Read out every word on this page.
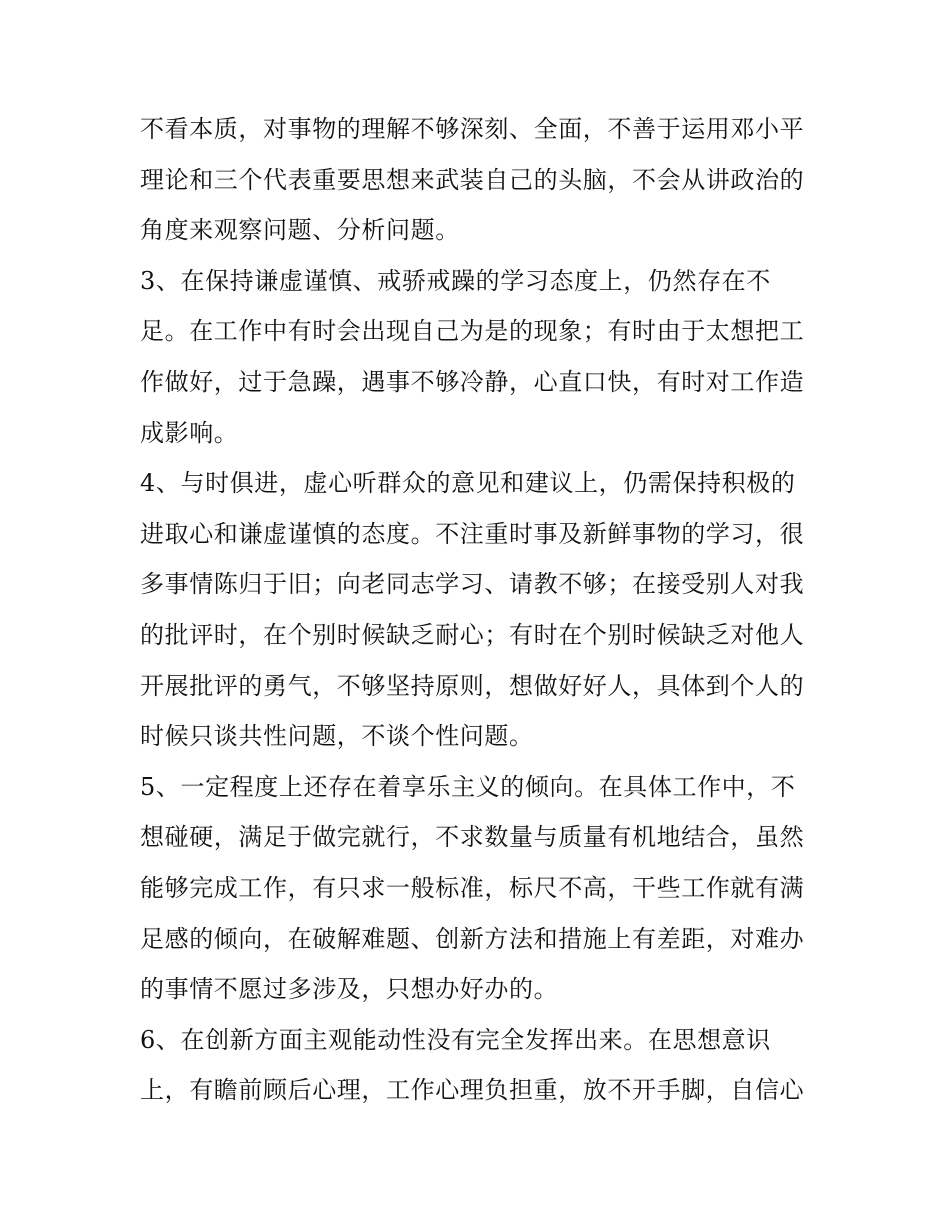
不看本质，对事物的理解不够深刻、全面，不善于运用邓小平
理论和三个代表重要思想来武装自己的头脑，不会从讲政治的
角度来观察问题、分析问题。
3、在保持谦虚谨慎、戒骄戒躁的学习态度上，仍然存在不
足。在工作中有时会出现自己为是的现象；有时由于太想把工
作做好，过于急躁，遇事不够冷静，心直口快，有时对工作造
成影响。
4、与时俱进，虚心听群众的意见和建议上，仍需保持积极的
进取心和谦虚谨慎的态度。不注重时事及新鲜事物的学习，很
多事情陈归于旧；向老同志学习、请教不够；在接受别人对我
的批评时，在个别时候缺乏耐心；有时在个别时候缺乏对他人
开展批评的勇气，不够坚持原则，想做好好人，具体到个人的
时候只谈共性问题，不谈个性问题。
5、一定程度上还存在着享乐主义的倾向。在具体工作中，不
想碰硬，满足于做完就行，不求数量与质量有机地结合，虽然
能够完成工作，有只求一般标准，标尺不高，干些工作就有满
足感的倾向，在破解难题、创新方法和措施上有差距，对难办
的事情不愿过多涉及，只想办好办的。
6、在创新方面主观能动性没有完全发挥出来。在思想意识
上，有瞻前顾后心理，工作心理负担重，放不开手脚，自信心
